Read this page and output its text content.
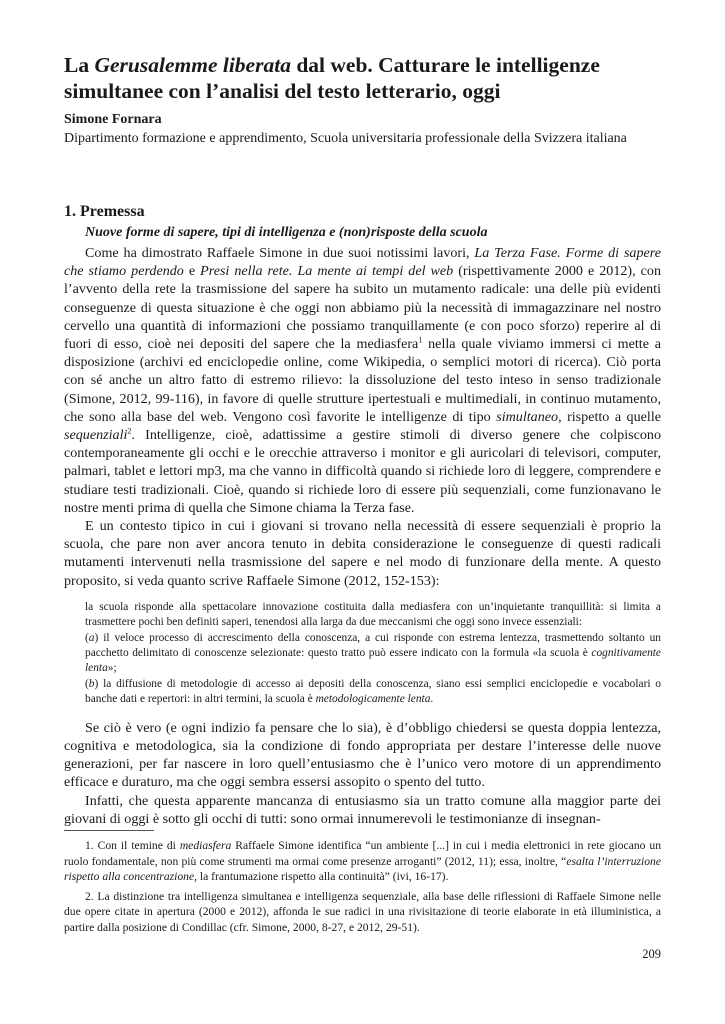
La Gerusalemme liberata dal web. Catturare le intelligenze simultanee con l’analisi del testo letterario, oggi
Simone Fornara
Dipartimento formazione e apprendimento, Scuola universitaria professionale della Svizzera italiana
1. Premessa
Nuove forme di sapere, tipi di intelligenza e (non)risposte della scuola

Come ha dimostrato Raffaele Simone in due suoi notissimi lavori, La Terza Fase. Forme di sapere che stiamo perdendo e Presi nella rete. La mente ai tempi del web (rispettivamente 2000 e 2012), con l’avvento della rete la trasmissione del sapere ha subito un mutamento radicale: una delle più evidenti conseguenze di questa situazione è che oggi non abbiamo più la necessità di immagazzinare nel nostro cervello una quantità di informazioni che possiamo tranquillamente (e con poco sforzo) reperire al di fuori di esso, cioè nei depositi del sapere che la mediasfera$^1$ nella quale viviamo immersi ci mette a disposizione (archivi ed enciclopedie online, come Wikipedia, o semplici motori di ricerca). Ciò porta con sé anche un altro fatto di estremo rilievo: la dissoluzione del testo inteso in senso tradizionale (Simone, 2012, 99-116), in favore di quelle strutture ipertestuali e multimediali, in continuo mutamento, che sono alla base del web. Vengono così favorite le intelligenze di tipo simultaneo, rispetto a quelle sequenziali$^2$. Intelligenze, cioè, adattissime a gestire stimoli di diverso genere che colpiscono contemporaneamente gli occhi e le orecchie attraverso i monitor e gli auricolari di televisori, computer, palmari, tablet e lettori mp3, ma che vanno in difficoltà quando si richiede loro di leggere, comprendere e studiare testi tradizionali. Cioè, quando si richiede loro di essere più sequenziali, come funzionavano le nostre menti prima di quella che Simone chiama la Terza fase.

E un contesto tipico in cui i giovani si trovano nella necessità di essere sequenziali è proprio la scuola, che pare non aver ancora tenuto in debita considerazione le conseguenze di questi radicali mutamenti intervenuti nella trasmissione del sapere e nel modo di funzionare della mente. A questo proposito, si veda quanto scrive Raffaele Simone (2012, 152-153):

la scuola risponde alla spettacolare innovazione costituita dalla mediasfera con un’inquietante tranquillità: si limita a trasmettere pochi ben definiti saperi, tenendosi alla larga da due meccanismi che oggi sono invece essenziali:
(a) il veloce processo di accrescimento della conoscenza, a cui risponde con estrema lentezza, trasmettendo soltanto un pacchetto delimitato di conoscenze selezionate: questo tratto può essere indicato con la formula «la scuola è cognitivamente lenta»;
(b) la diffusione di metodologie di accesso ai depositi della conoscenza, siano essi semplici enciclopedie e vocabolari o banche dati e repertori: in altri termini, la scuola è metodologicamente lenta.

Se ciò è vero (e ogni indizio fa pensare che lo sia), è d’obbligo chiedersi se questa doppia lentezza, cognitiva e metodologica, sia la condizione di fondo appropriata per destare l’interesse delle nuove generazioni, per far nascere in loro quell’entusiasmo che è l’unico vero motore di un apprendimento efficace e duraturo, ma che oggi sembra essersi assopito o spento del tutto.

Infatti, che questa apparente mancanza di entusiasmo sia un tratto comune alla maggior parte dei giovani di oggi è sotto gli occhi di tutti: sono ormai innumerevoli le testimonianze di insegnan-

1. Con il temine di mediasfera Raffaele Simone identifica “un ambiente [...] in cui i media elettronici in rete giocano un ruolo fondamentale, non più come strumenti ma ormai come presenze arroganti” (2012, 11); essa, inoltre, “esalta l’interruzione rispetto alla concentrazione, la frantumazione rispetto alla continuità” (ivi, 16-17).

2. La distinzione tra intelligenza simultanea e intelligenza sequenziale, alla base delle riflessioni di Raffaele Simone nelle due opere citate in apertura (2000 e 2012), affonda le sue radici in una rivisitazione di teorie elaborate in età illuministica, a partire dalla posizione di Condillac (cfr. Simone, 2000, 8-27, e 2012, 29-51).

209
